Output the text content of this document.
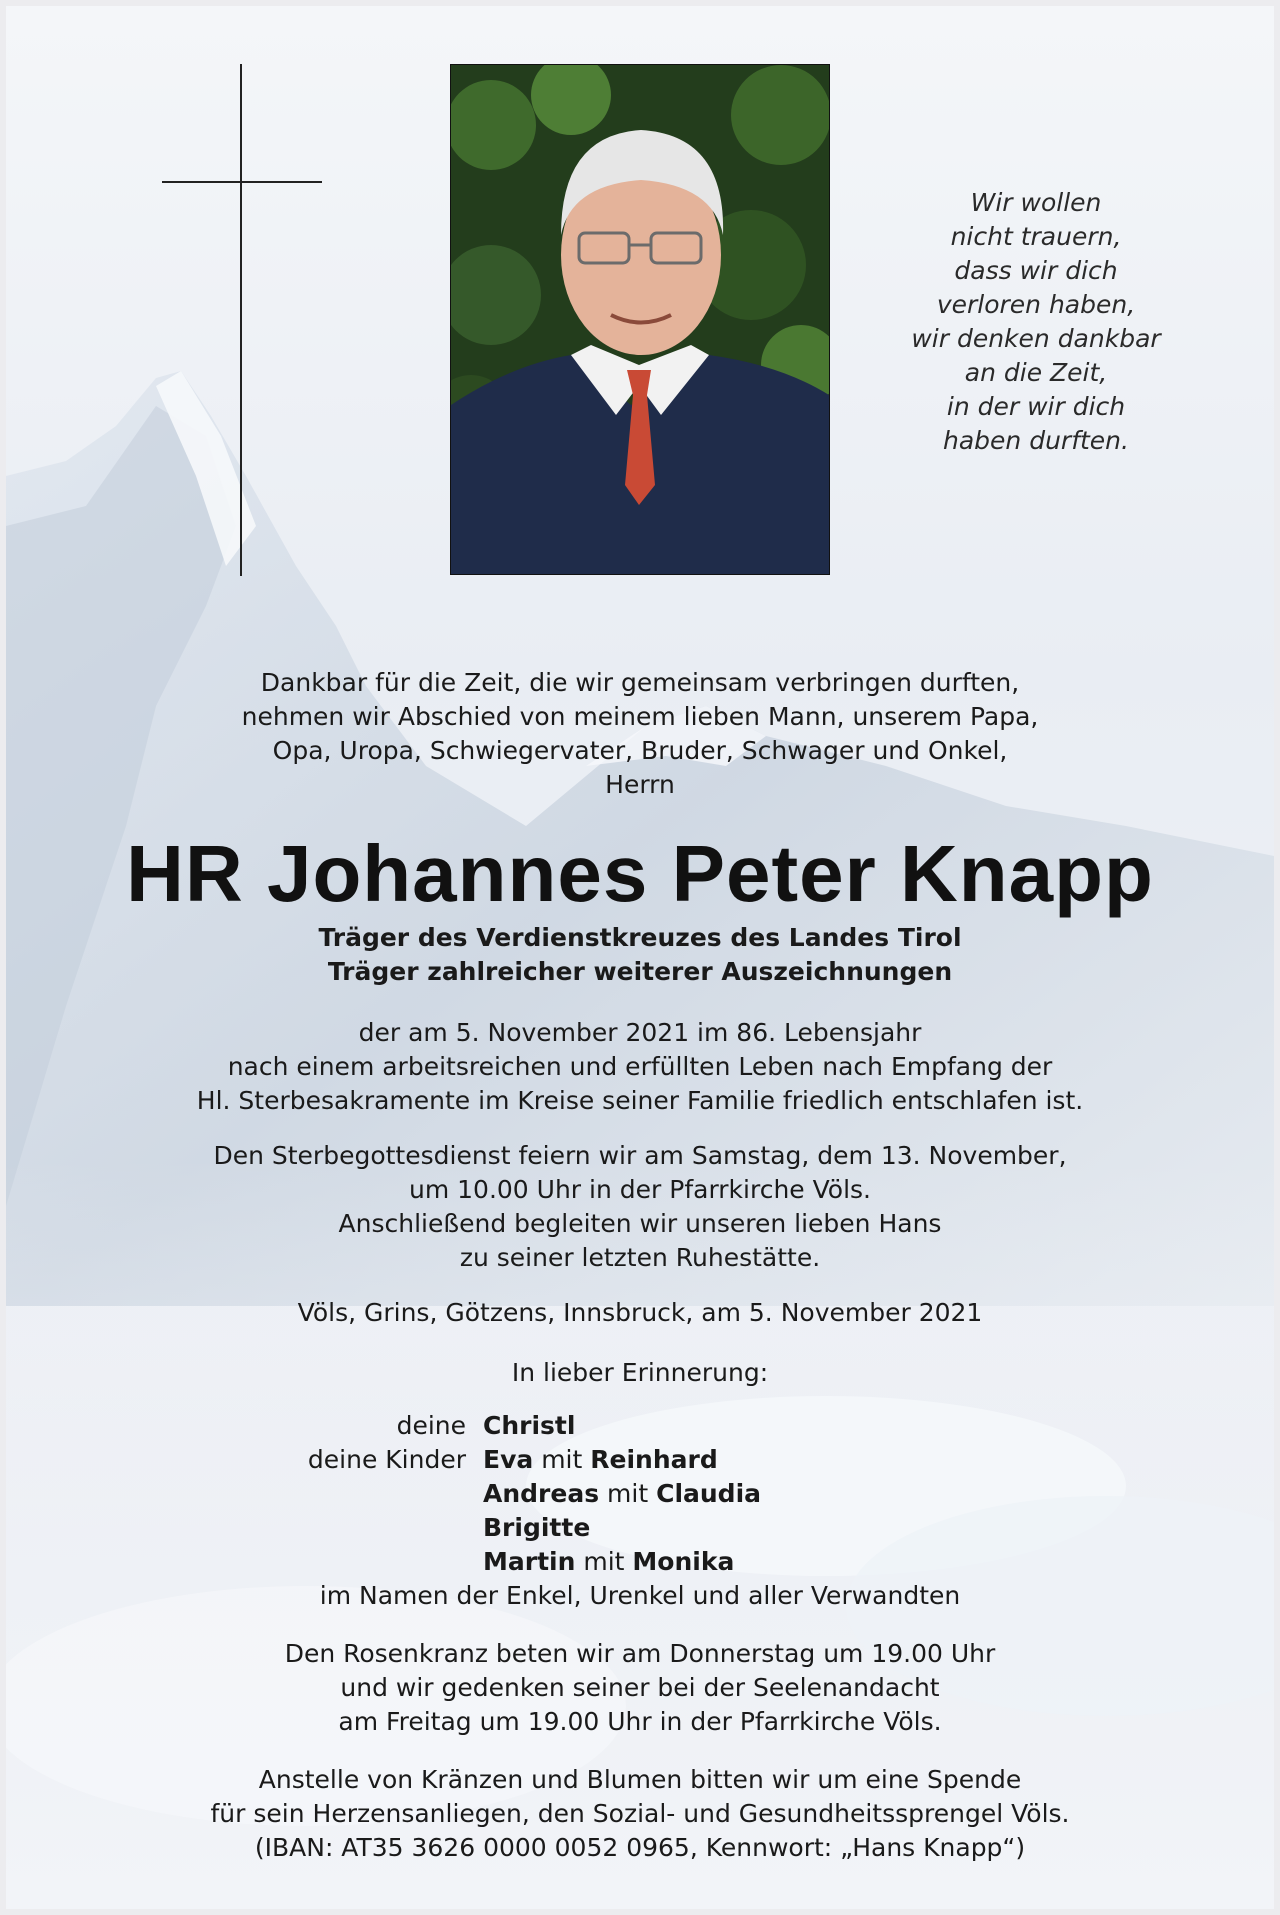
Wir wollen
nicht trauern,
dass wir dich
verloren haben,
wir denken dankbar
an die Zeit,
in der wir dich
haben durften.
Dankbar für die Zeit, die wir gemeinsam verbringen durften,
nehmen wir Abschied von meinem lieben Mann, unserem Papa,
Opa, Uropa, Schwiegervater, Bruder, Schwager und Onkel,
Herrn
HR Johannes Peter Knapp
Träger des Verdienstkreuzes des Landes Tirol
Träger zahlreicher weiterer Auszeichnungen
der am 5. November 2021 im 86. Lebensjahr
nach einem arbeitsreichen und erfüllten Leben nach Empfang der
Hl. Sterbesakramente im Kreise seiner Familie friedlich entschlafen ist.
Den Sterbegottesdienst feiern wir am Samstag, dem 13. November,
um 10.00 Uhr in der Pfarrkirche Völs.
Anschließend begleiten wir unseren lieben Hans
zu seiner letzten Ruhestätte.
Völs, Grins, Götzens, Innsbruck, am 5. November 2021
In lieber Erinnerung:
deine Christl
deine Kinder Eva mit Reinhard
Andreas mit Claudia
Brigitte
Martin mit Monika
im Namen der Enkel, Urenkel und aller Verwandten
Den Rosenkranz beten wir am Donnerstag um 19.00 Uhr
und wir gedenken seiner bei der Seelenandacht
am Freitag um 19.00 Uhr in der Pfarrkirche Völs.
Anstelle von Kränzen und Blumen bitten wir um eine Spende
für sein Herzensanliegen, den Sozial- und Gesundheitssprengel Völs.
(IBAN: AT35 3626 0000 0052 0965, Kennwort: „Hans Knapp“)
